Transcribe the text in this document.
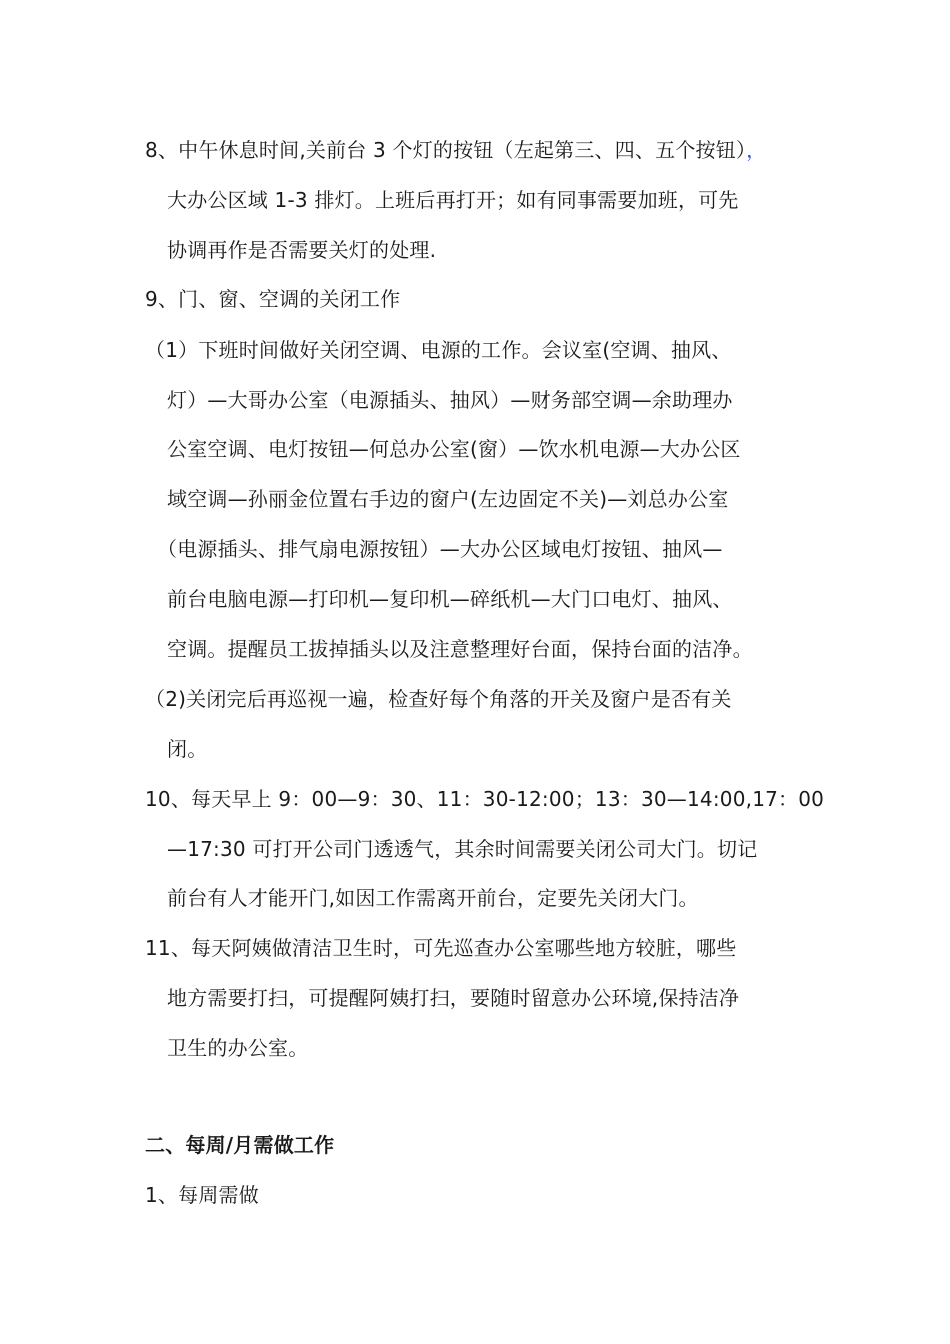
8、中午休息时间,关前台 3 个灯的按钮（左起第三、四、五个按钮），
大办公区域 1-3 排灯。上班后再打开；如有同事需要加班，可先
协调再作是否需要关灯的处理.
9、门、窗、空调的关闭工作
（1）下班时间做好关闭空调、电源的工作。会议室(空调、抽风、
灯）—大哥办公室（电源插头、抽风）—财务部空调—余助理办
公室空调、电灯按钮—何总办公室(窗）—饮水机电源—大办公区
域空调—孙丽金位置右手边的窗户(左边固定不关)—刘总办公室
（电源插头、排气扇电源按钮）—大办公区域电灯按钮、抽风—
前台电脑电源—打印机—复印机—碎纸机—大门口电灯、抽风、
空调。提醒员工拔掉插头以及注意整理好台面，保持台面的洁净。
（2)关闭完后再巡视一遍，检查好每个角落的开关及窗户是否有关
闭。
10、每天早上 9：00—9：30、11：30-12:00；13：30—14:00,17：00
—17:30 可打开公司门透透气，其余时间需要关闭公司大门。切记
前台有人才能开门,如因工作需离开前台，定要先关闭大门。
11、每天阿姨做清洁卫生时，可先巡查办公室哪些地方较脏，哪些
地方需要打扫，可提醒阿姨打扫，要随时留意办公环境,保持洁净
卫生的办公室。
二、每周/月需做工作
1、每周需做
